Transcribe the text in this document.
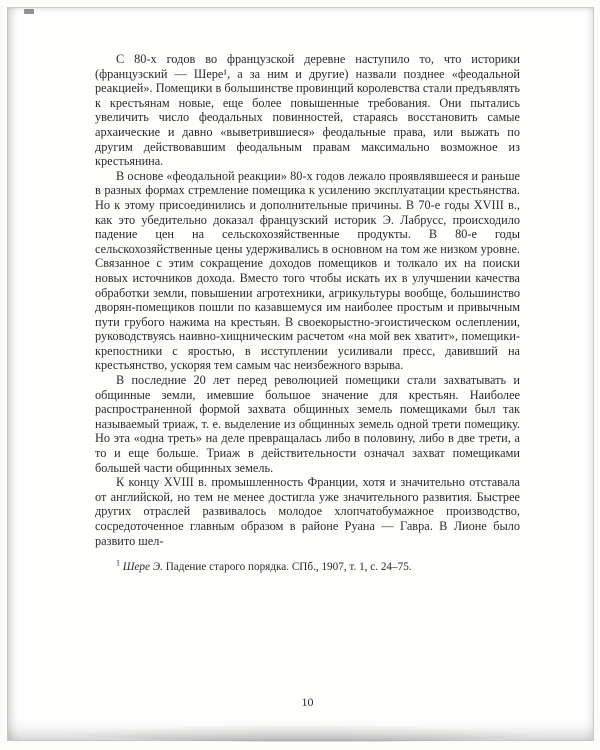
С 80-х годов во французской деревне наступило то, что историки (французский — Шере¹, а за ним и другие) назвали позднее «феодальной реакцией». Помещики в большинстве провинций королевства стали предъявлять к крестьянам новые, еще более повышенные требования. Они пытались увеличить число феодальных повинностей, стараясь восстановить самые архаические и давно «выветрившиеся» феодальные права, или выжать по другим действовавшим феодальным правам максимально возможное из крестьянина.

В основе «феодальной реакции» 80-х годов лежало проявлявшееся и раньше в разных формах стремление помещика к усилению эксплуатации крестьянства. Но к этому присоединились и дополнительные причины. В 70-е годы XVIII в., как это убедительно доказал французский историк Э. Лабрусс, происходило падение цен на сельскохозяйственные продукты. В 80-е годы сельскохозяйственные цены удерживались в основном на том же низком уровне. Связанное с этим сокращение доходов помещиков и толкало их на поиски новых источников дохода. Вместо того чтобы искать их в улучшении качества обработки земли, повышении агротехники, агрикультуры вообще, большинство дворян-помещиков пошли по казавшемуся им наиболее простым и привычным пути грубого нажима на крестьян. В своекорыстно-эгоистическом ослеплении, руководствуясь наивно-хищническим расчетом «на мой век хватит», помещики-крепостники с яростью, в исступлении усиливали пресс, давивший на крестьянство, ускоряя тем самым час неизбежного взрыва.

В последние 20 лет перед революцией помещики стали захватывать и общинные земли, имевшие большое значение для крестьян. Наиболее распространенной формой захвата общинных земель помещиками был так называемый триаж, т. е. выделение из общинных земель одной трети помещику. Но эта «одна треть» на деле превращалась либо в половину, либо в две трети, а то и еще больше. Триаж в действительности означал захват помещиками большей части общинных земель.

К концу XVIII в. промышленность Франции, хотя и значительно отставала от английской, но тем не менее достигла уже значительного развития. Быстрее других отраслей развивалось молодое хлопчатобумажное производство, сосредоточенное главным образом в районе Руана — Гавра. В Лионе было развито шел-

$^1$ Шере Э. Падение старого порядка. СПб., 1907, т. 1, с. 24–75.

10
